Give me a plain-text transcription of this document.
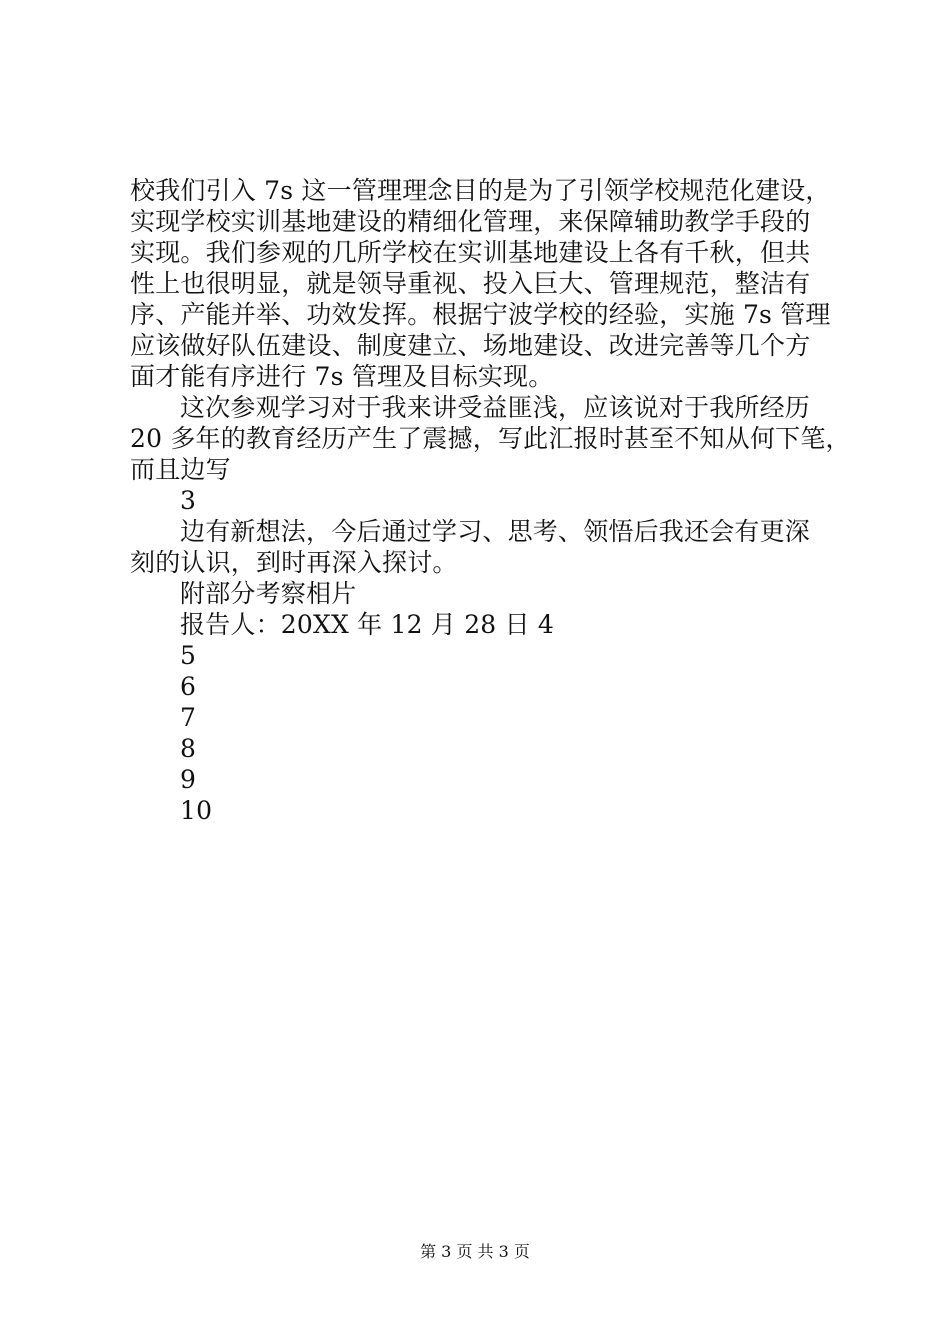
校我们引入 7s 这一管理理念目的是为了引领学校规范化建设，
实现学校实训基地建设的精细化管理，来保障辅助教学手段的
实现。我们参观的几所学校在实训基地建设上各有千秋，但共
性上也很明显，就是领导重视、投入巨大、管理规范，整洁有
序、产能并举、功效发挥。根据宁波学校的经验，实施 7s 管理
应该做好队伍建设、制度建立、场地建设、改进完善等几个方
面才能有序进行 7s 管理及目标实现。
这次参观学习对于我来讲受益匪浅，应该说对于我所经历
20 多年的教育经历产生了震撼，写此汇报时甚至不知从何下笔，
而且边写
3
边有新想法，今后通过学习、思考、领悟后我还会有更深
刻的认识，到时再深入探讨。
附部分考察相片
报告人：20XX 年 12 月 28 日 4
5
6
7
8
9
10
第 3 页 共 3 页
